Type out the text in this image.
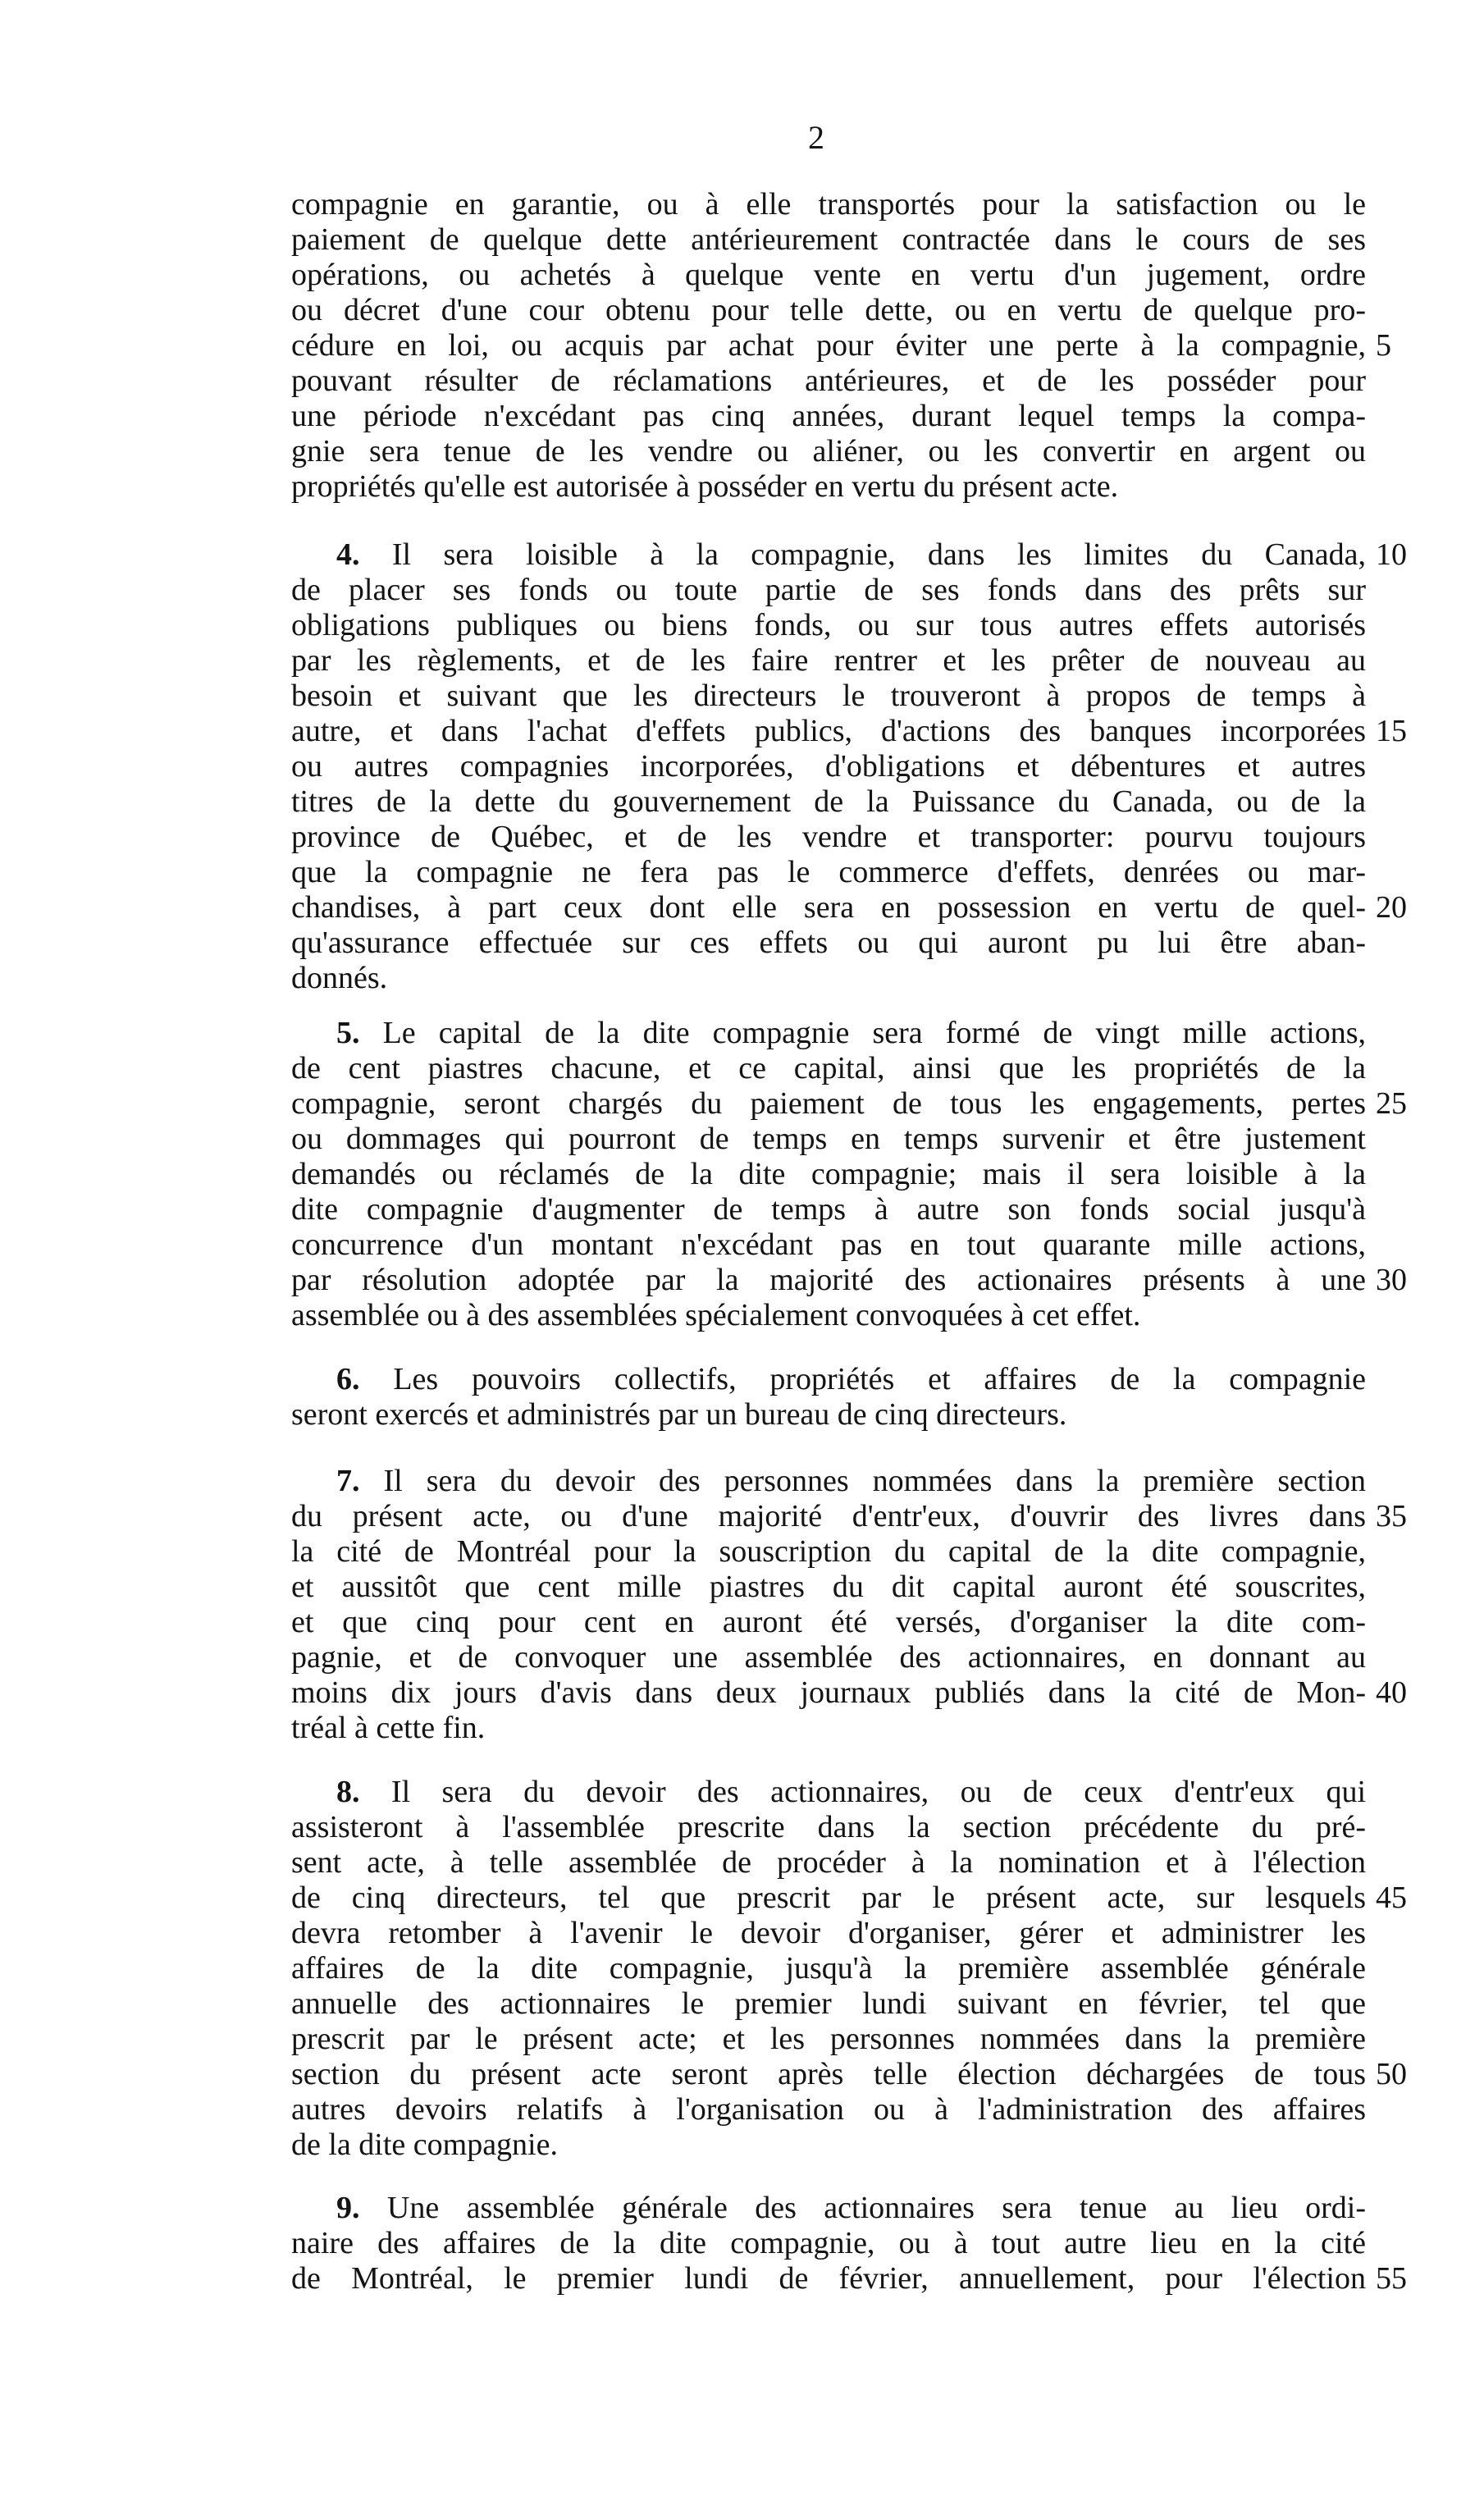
2
compagnie en garantie, ou à elle transportés pour la satisfaction ou le
paiement de quelque dette antérieurement contractée dans le cours de ses
opérations, ou achetés à quelque vente en vertu d'un jugement, ordre
ou décret d'une cour obtenu pour telle dette, ou en vertu de quelque pro-
cédure en loi, ou acquis par achat pour éviter une perte à la compagnie, 5
pouvant résulter de réclamations antérieures, et de les posséder pour
une période n'excédant pas cinq années, durant lequel temps la compa-
gnie sera tenue de les vendre ou aliéner, ou les convertir en argent ou
propriétés qu'elle est autorisée à posséder en vertu du présent acte.
4. Il sera loisible à la compagnie, dans les limites du Canada, 10
de placer ses fonds ou toute partie de ses fonds dans des prêts sur
obligations publiques ou biens fonds, ou sur tous autres effets autorisés
par les règlements, et de les faire rentrer et les prêter de nouveau au
besoin et suivant que les directeurs le trouveront à propos de temps à
autre, et dans l'achat d'effets publics, d'actions des banques incorporées 15
ou autres compagnies incorporées, d'obligations et débentures et autres
titres de la dette du gouvernement de la Puissance du Canada, ou de la
province de Québec, et de les vendre et transporter: pourvu toujours
que la compagnie ne fera pas le commerce d'effets, denrées ou mar-
chandises, à part ceux dont elle sera en possession en vertu de quel- 20
qu'assurance effectuée sur ces effets ou qui auront pu lui être aban-
donnés.
5. Le capital de la dite compagnie sera formé de vingt mille actions,
de cent piastres chacune, et ce capital, ainsi que les propriétés de la
compagnie, seront chargés du paiement de tous les engagements, pertes 25
ou dommages qui pourront de temps en temps survenir et être justement
demandés ou réclamés de la dite compagnie; mais il sera loisible à la
dite compagnie d'augmenter de temps à autre son fonds social jusqu'à
concurrence d'un montant n'excédant pas en tout quarante mille actions,
par résolution adoptée par la majorité des actionaires présents à une 30
assemblée ou à des assemblées spécialement convoquées à cet effet.
6. Les pouvoirs collectifs, propriétés et affaires de la compagnie
seront exercés et administrés par un bureau de cinq directeurs.
7. Il sera du devoir des personnes nommées dans la première section
du présent acte, ou d'une majorité d'entr'eux, d'ouvrir des livres dans 35
la cité de Montréal pour la souscription du capital de la dite compagnie,
et aussitôt que cent mille piastres du dit capital auront été souscrites,
et que cinq pour cent en auront été versés, d'organiser la dite com-
pagnie, et de convoquer une assemblée des actionnaires, en donnant au
moins dix jours d'avis dans deux journaux publiés dans la cité de Mon- 40
tréal à cette fin.
8. Il sera du devoir des actionnaires, ou de ceux d'entr'eux qui
assisteront à l'assemblée prescrite dans la section précédente du pré-
sent acte, à telle assemblée de procéder à la nomination et à l'élection
de cinq directeurs, tel que prescrit par le présent acte, sur lesquels 45
devra retomber à l'avenir le devoir d'organiser, gérer et administrer les
affaires de la dite compagnie, jusqu'à la première assemblée générale
annuelle des actionnaires le premier lundi suivant en février, tel que
prescrit par le présent acte; et les personnes nommées dans la première
section du présent acte seront après telle élection déchargées de tous 50
autres devoirs relatifs à l'organisation ou à l'administration des affaires
de la dite compagnie.
9. Une assemblée générale des actionnaires sera tenue au lieu ordi-
naire des affaires de la dite compagnie, ou à tout autre lieu en la cité
de Montréal, le premier lundi de février, annuellement, pour l'élection 55
